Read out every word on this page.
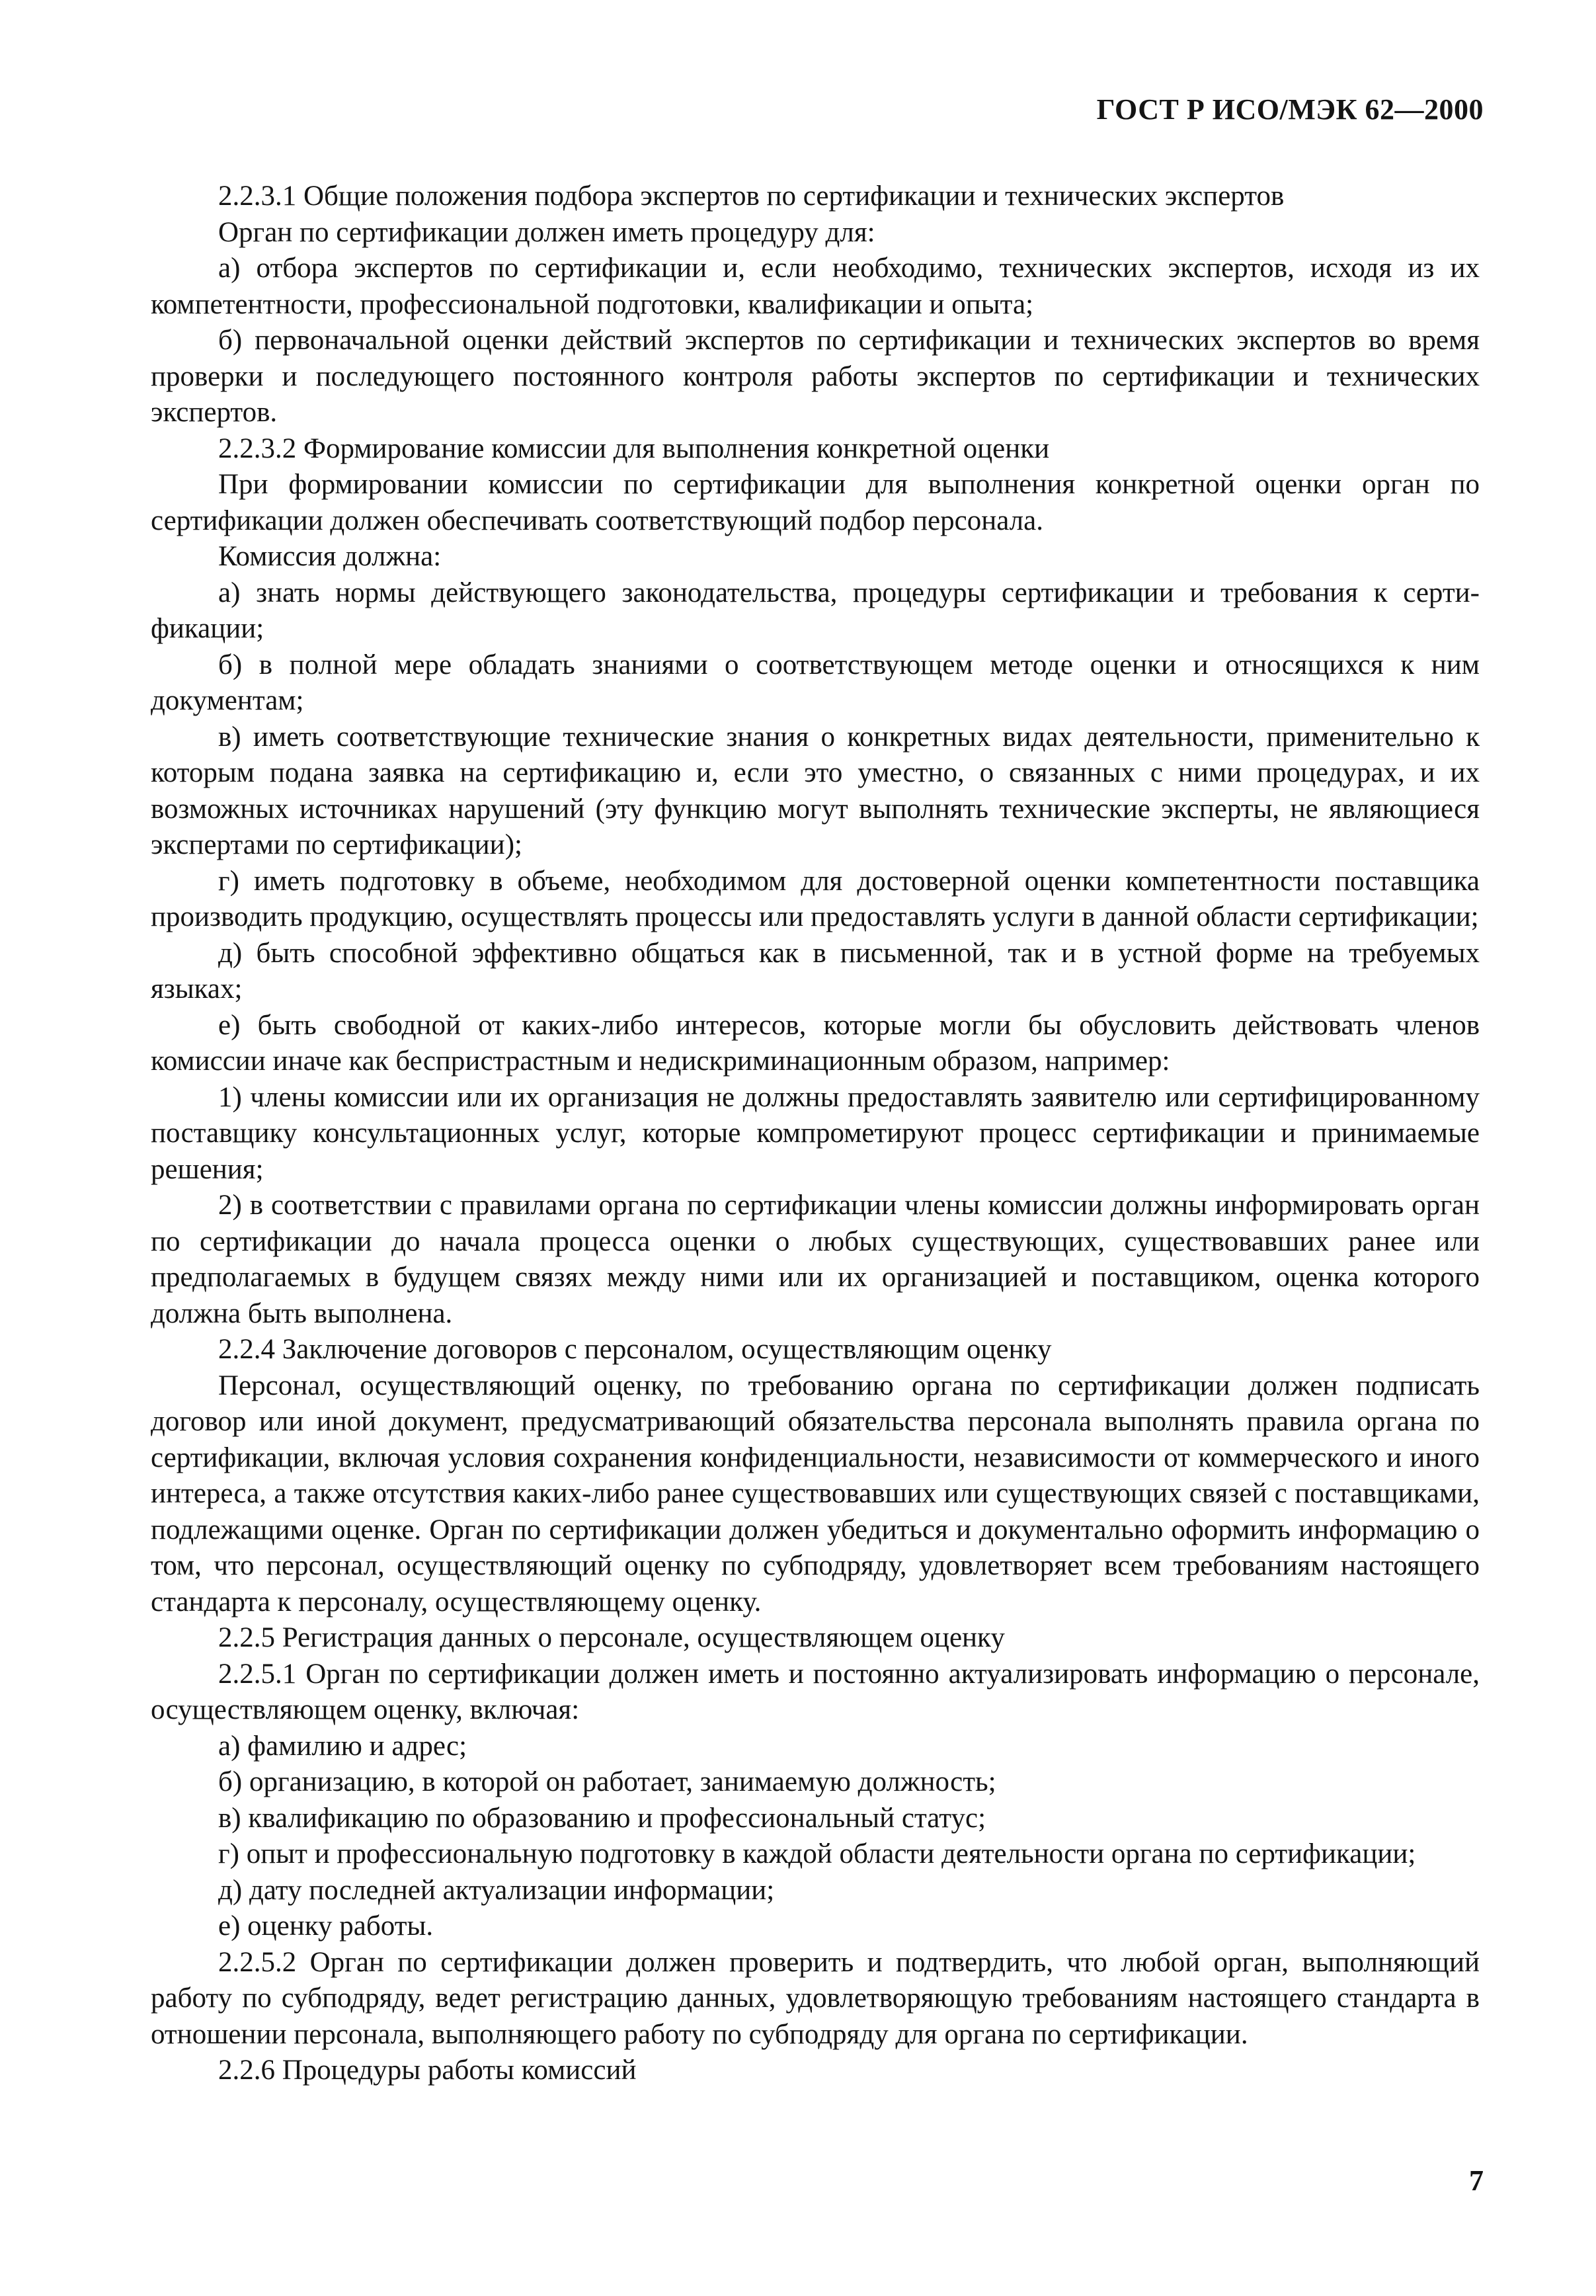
ГОСТ Р ИСО/МЭК 62—2000

2.2.3.1 Общие положения подбора экспертов по сертификации и технических экспертов

Орган по сертификации должен иметь процедуру для:

а) отбора экспертов по сертификации и, если необходимо, технических экспертов, исходя из их компетентности, профессиональной подготовки, квалификации и опыта;

б) первоначальной оценки действий экспертов по сертификации и технических экспертов во время проверки и последующего постоянного контроля работы экспертов по сертификации и технических экспертов.

2.2.3.2 Формирование комиссии для выполнения конкретной оценки

При формировании комиссии по сертификации для выполнения конкретной оценки орган по сертификации должен обеспечивать соответствующий подбор персонала.

Комиссия должна:

а) знать нормы действующего законодательства, процедуры сертификации и требования к сертификации;

б) в полной мере обладать знаниями о соответствующем методе оценки и относящихся к ним документам;

в) иметь соответствующие технические знания о конкретных видах деятельности, применительно к которым подана заявка на сертификацию и, если это уместно, о связанных с ними процедурах, и их возможных источниках нарушений (эту функцию могут выполнять технические эксперты, не являющиеся экспертами по сертификации);

г) иметь подготовку в объеме, необходимом для достоверной оценки компетентности поставщика производить продукцию, осуществлять процессы или предоставлять услуги в данной области сертификации;

д) быть способной эффективно общаться как в письменной, так и в устной форме на требуемых языках;

е) быть свободной от каких-либо интересов, которые могли бы обусловить действовать членов комиссии иначе как беспристрастным и недискриминационным образом, например:

1) члены комиссии или их организация не должны предоставлять заявителю или сертифицированному поставщику консультационных услуг, которые компрометируют процесс сертификации и принимаемые решения;

2) в соответствии с правилами органа по сертификации члены комиссии должны информировать орган по сертификации до начала процесса оценки о любых существующих, существовавших ранее или предполагаемых в будущем связях между ними или их организацией и поставщиком, оценка которого должна быть выполнена.

2.2.4 Заключение договоров с персоналом, осуществляющим оценку

Персонал, осуществляющий оценку, по требованию органа по сертификации должен подписать договор или иной документ, предусматривающий обязательства персонала выполнять правила органа по сертификации, включая условия сохранения конфиденциальности, независимости от коммерческого и иного интереса, а также отсутствия каких-либо ранее существовавших или существующих связей с поставщиками, подлежащими оценке. Орган по сертификации должен убедиться и документально оформить информацию о том, что персонал, осуществляющий оценку по субподряду, удовлетворяет всем требованиям настоящего стандарта к персоналу, осуществляющему оценку.

2.2.5 Регистрация данных о персонале, осуществляющем оценку

2.2.5.1 Орган по сертификации должен иметь и постоянно актуализировать информацию о персонале, осуществляющем оценку, включая:

а) фамилию и адрес;

б) организацию, в которой он работает, занимаемую должность;

в) квалификацию по образованию и профессиональный статус;

г) опыт и профессиональную подготовку в каждой области деятельности органа по сертификации;

д) дату последней актуализации информации;

е) оценку работы.

2.2.5.2 Орган по сертификации должен проверить и подтвердить, что любой орган, выполняющий работу по субподряду, ведет регистрацию данных, удовлетворяющую требованиям настоящего стандарта в отношении персонала, выполняющего работу по субподряду для органа по сертификации.

2.2.6 Процедуры работы комиссий

7
